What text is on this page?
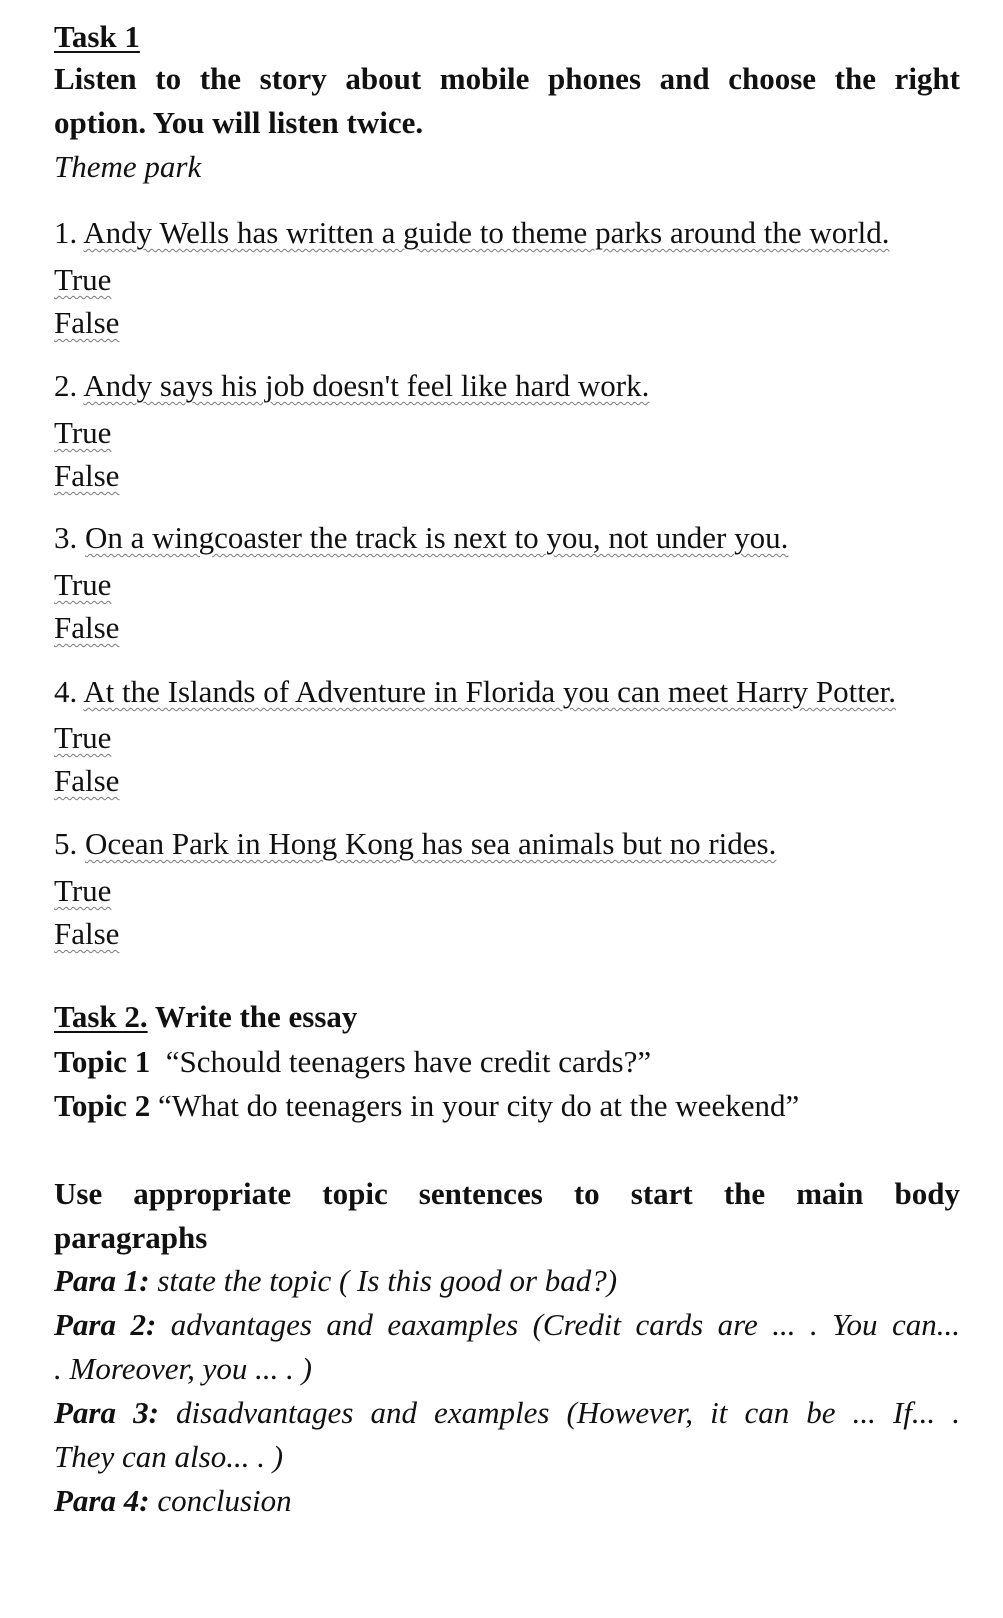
Task 1
Listen to the story about mobile phones and choose the right
option. You will listen twice.
Theme park
1. Andy Wells has written a guide to theme parks around the world.
True
False
2. Andy says his job doesn't feel like hard work.
True
False
3. On a wingcoaster the track is next to you, not under you.
True
False
4. At the Islands of Adventure in Florida you can meet Harry Potter.
True
False
5. Ocean Park in Hong Kong has sea animals but no rides.
True
False
Task 2. Write the essay
Topic 1  “Schould teenagers have credit cards?”
Topic 2 “What do teenagers in your city do at the weekend”
Use appropriate topic sentences to start the main body
paragraphs
Para 1: state the topic ( Is this good or bad?)
Para 2: advantages and eaxamples (Credit cards are ... . You can...
. Moreover, you ... . )
Para 3: disadvantages and examples (However, it can be ... If... .
They can also... . )
Para 4: conclusion
